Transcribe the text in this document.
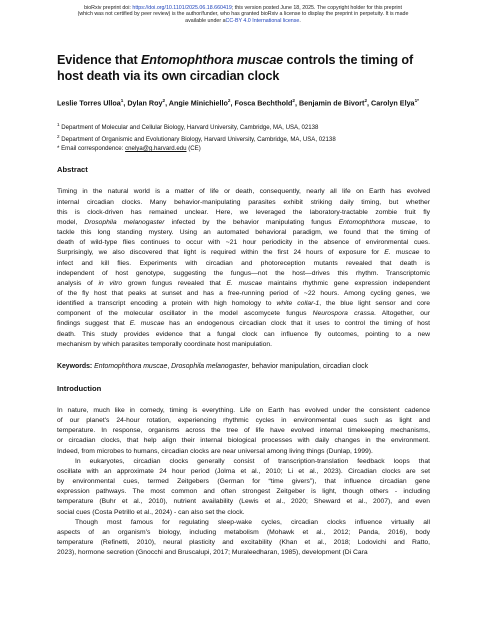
bioRxiv preprint doi: https://doi.org/10.1101/2025.06.18.660419; this version posted June 18, 2025. The copyright holder for this preprint
(which was not certified by peer review) is the author/funder, who has granted bioRxiv a license to display the preprint in perpetuity. It is made
available under aCC-BY 4.0 International license.
Evidence that Entomophthora muscae controls the timing of host death via its own circadian clock
Leslie Torres Ulloa$^1$, Dylan Roy$^2$, Angie Minichiello$^2$, Fosca Bechthold$^2$, Benjamin de Bivort$^2$, Carolyn Elya$^{1*}$
$^1$ Department of Molecular and Cellular Biology, Harvard University, Cambridge, MA, USA, 02138
$^2$ Department of Organismic and Evolutionary Biology, Harvard University, Cambridge, MA, USA, 02138
* Email correspondence: cnelya@g.harvard.edu (CE)
Abstract
Timing in the natural world is a matter of life or death, consequently, nearly all life on Earth has evolved
internal circadian clocks. Many behavior-manipulating parasites exhibit striking daily timing, but whether
this is clock-driven has remained unclear. Here, we leveraged the laboratory-tractable zombie fruit fly
model, Drosophila melanogaster infected by the behavior manipulating fungus Entomophthora muscae, to
tackle this long standing mystery. Using an automated behavioral paradigm, we found that the timing of
death of wild-type flies continues to occur with ~21 hour periodicity in the absence of environmental cues.
Surprisingly, we also discovered that light is required within the first 24 hours of exposure for E. muscae to
infect and kill flies. Experiments with circadian and photoreception mutants revealed that death is
independent of host genotype, suggesting the fungus—not the host—drives this rhythm. Transcriptomic
analysis of in vitro grown fungus revealed that E. muscae maintains rhythmic gene expression independent
of the fly host that peaks at sunset and has a free-running period of ~22 hours. Among cycling genes, we
identified a transcript encoding a protein with high homology to white collar-1, the blue light sensor and core
component of the molecular oscillator in the model ascomycete fungus Neurospora crassa. Altogether, our
findings suggest that E. muscae has an endogenous circadian clock that it uses to control the timing of host
death. This study provides evidence that a fungal clock can influence fly outcomes, pointing to a new
mechanism by which parasites temporally coordinate host manipulation.
Keywords: Entomophthora muscae, Drosophila melanogaster, behavior manipulation, circadian clock
Introduction
In nature, much like in comedy, timing is everything. Life on Earth has evolved under the consistent cadence
of our planet's 24-hour rotation, experiencing rhythmic cycles in environmental cues such as light and
temperature. In response, organisms across the tree of life have evolved internal timekeeping mechanisms,
or circadian clocks, that help align their internal biological processes with daily changes in the environment.
Indeed, from microbes to humans, circadian clocks are near universal among living things (Dunlap, 1999).
In eukaryotes, circadian clocks generally consist of transcription-translation feedback loops that
oscillate with an approximate 24 hour period (Jolma et al., 2010; Li et al., 2023). Circadian clocks are set
by environmental cues, termed Zeitgebers (German for “time givers”), that influence circadian gene
expression pathways. The most common and often strongest Zeitgeber is light, though others - including
temperature (Buhr et al., 2010), nutrient availability (Lewis et al., 2020; Sheward et al., 2007), and even
social cues (Costa Petrillo et al., 2024) - can also set the clock.
Though most famous for regulating sleep-wake cycles, circadian clocks influence virtually all
aspects of an organism's biology, including metabolism (Mohawk et al., 2012; Panda, 2016), body
temperature (Refinetti, 2010), neural plasticity and excitability (Khan et al., 2018; Lodovichi and Ratto,
2023), hormone secretion (Gnocchi and Bruscalupi, 2017; Muraleedharan, 1985), development (Di Cara
